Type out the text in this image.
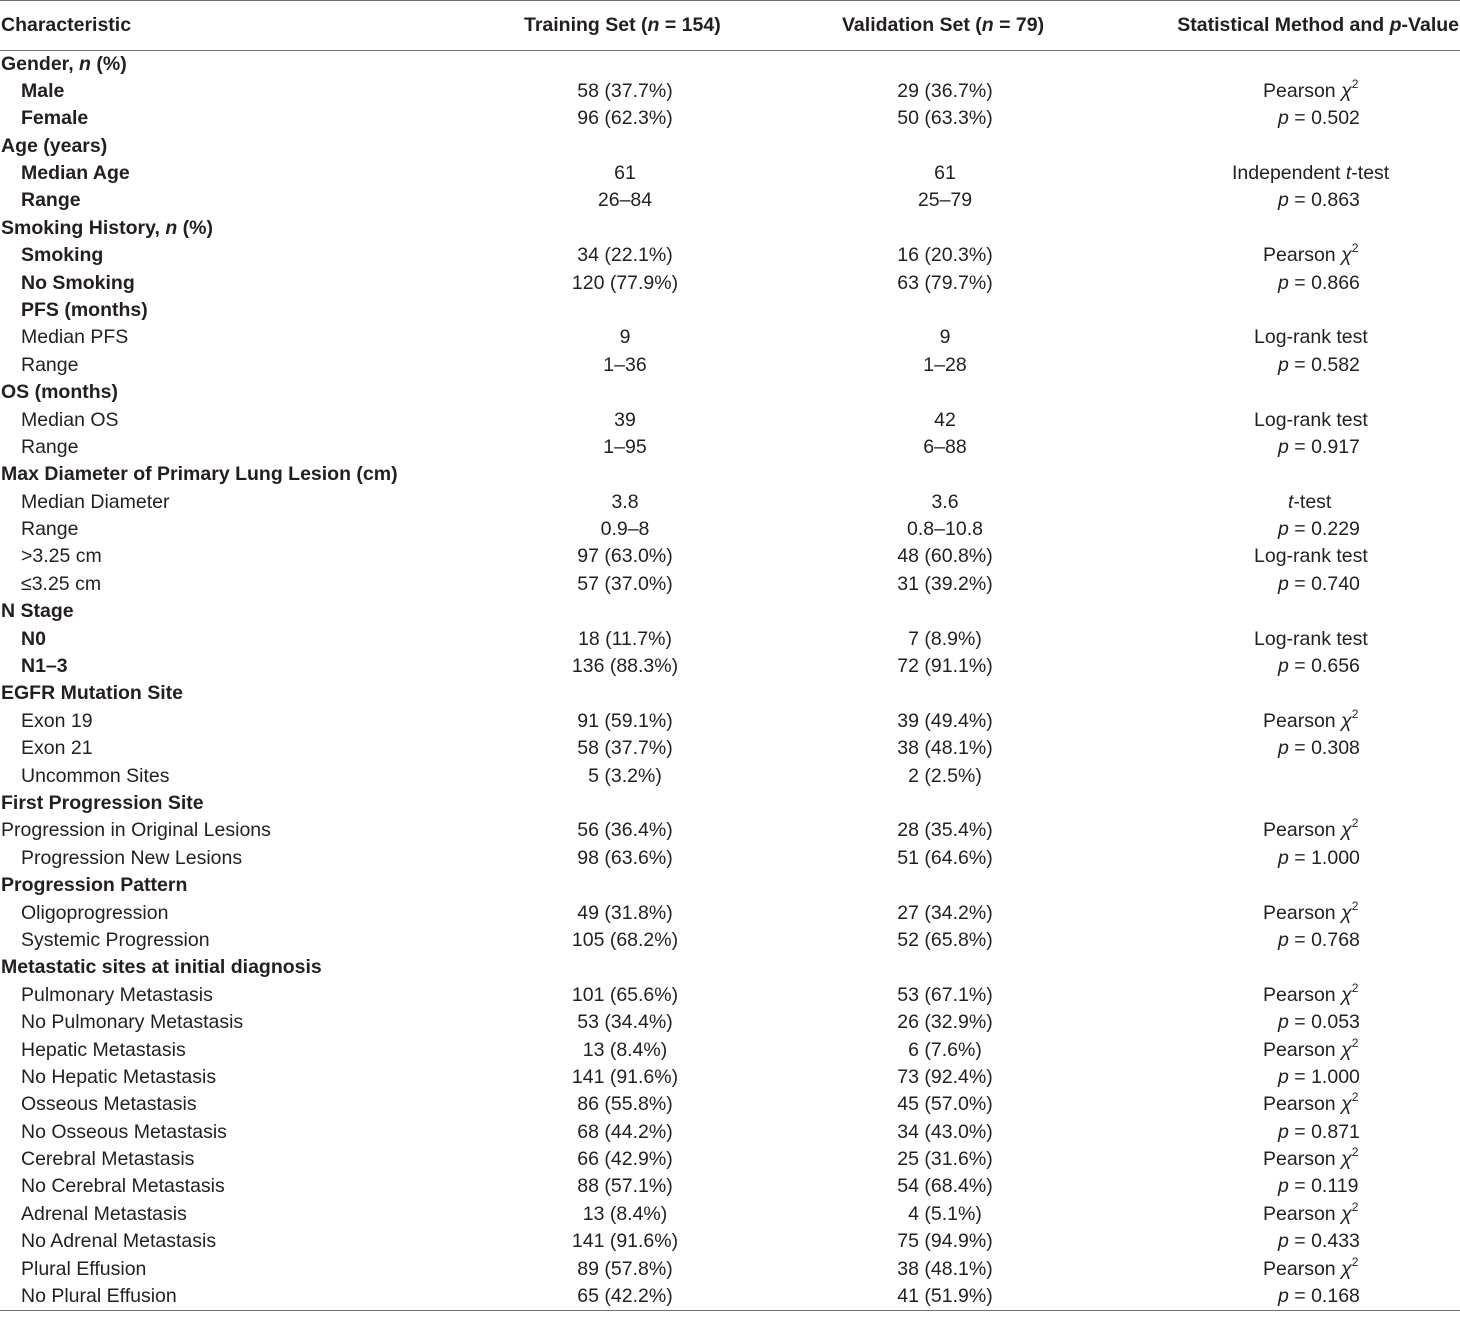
Characteristic	Training Set (n = 154)	Validation Set (n = 79)	Statistical Method and p-Value
Gender, n (%)			
Male	58 (37.7%)	29 (36.7%)	Pearson $\chi^2$
Female	96 (62.3%)	50 (63.3%)	p = 0.502
Age (years)			
Median Age	61	61	Independent t-test
Range	26–84	25–79	p = 0.863
Smoking History, n (%)			
Smoking	34 (22.1%)	16 (20.3%)	Pearson $\chi^2$
No Smoking	120 (77.9%)	63 (79.7%)	p = 0.866
PFS (months)			
Median PFS	9	9	Log-rank test
Range	1–36	1–28	p = 0.582
OS (months)			
Median OS	39	42	Log-rank test
Range	1–95	6–88	p = 0.917
Max Diameter of Primary Lung Lesion (cm)			
Median Diameter	3.8	3.6	t-test
Range	0.9–8	0.8–10.8	p = 0.229
>3.25 cm	97 (63.0%)	48 (60.8%)	Log-rank test
≤3.25 cm	57 (37.0%)	31 (39.2%)	p = 0.740
N Stage			
N0	18 (11.7%)	7 (8.9%)	Log-rank test
N1–3	136 (88.3%)	72 (91.1%)	p = 0.656
EGFR Mutation Site			
Exon 19	91 (59.1%)	39 (49.4%)	Pearson $\chi^2$
Exon 21	58 (37.7%)	38 (48.1%)	p = 0.308
Uncommon Sites	5 (3.2%)	2 (2.5%)	
First Progression Site			
Progression in Original Lesions	56 (36.4%)	28 (35.4%)	Pearson $\chi^2$
Progression New Lesions	98 (63.6%)	51 (64.6%)	p = 1.000
Progression Pattern			
Oligoprogression	49 (31.8%)	27 (34.2%)	Pearson $\chi^2$
Systemic Progression	105 (68.2%)	52 (65.8%)	p = 0.768
Metastatic sites at initial diagnosis			
Pulmonary Metastasis	101 (65.6%)	53 (67.1%)	Pearson $\chi^2$
No Pulmonary Metastasis	53 (34.4%)	26 (32.9%)	p = 0.053
Hepatic Metastasis	13 (8.4%)	6 (7.6%)	Pearson $\chi^2$
No Hepatic Metastasis	141 (91.6%)	73 (92.4%)	p = 1.000
Osseous Metastasis	86 (55.8%)	45 (57.0%)	Pearson $\chi^2$
No Osseous Metastasis	68 (44.2%)	34 (43.0%)	p = 0.871
Cerebral Metastasis	66 (42.9%)	25 (31.6%)	Pearson $\chi^2$
No Cerebral Metastasis	88 (57.1%)	54 (68.4%)	p = 0.119
Adrenal Metastasis	13 (8.4%)	4 (5.1%)	Pearson $\chi^2$
No Adrenal Metastasis	141 (91.6%)	75 (94.9%)	p = 0.433
Plural Effusion	89 (57.8%)	38 (48.1%)	Pearson $\chi^2$
No Plural Effusion	65 (42.2%)	41 (51.9%)	p = 0.168
